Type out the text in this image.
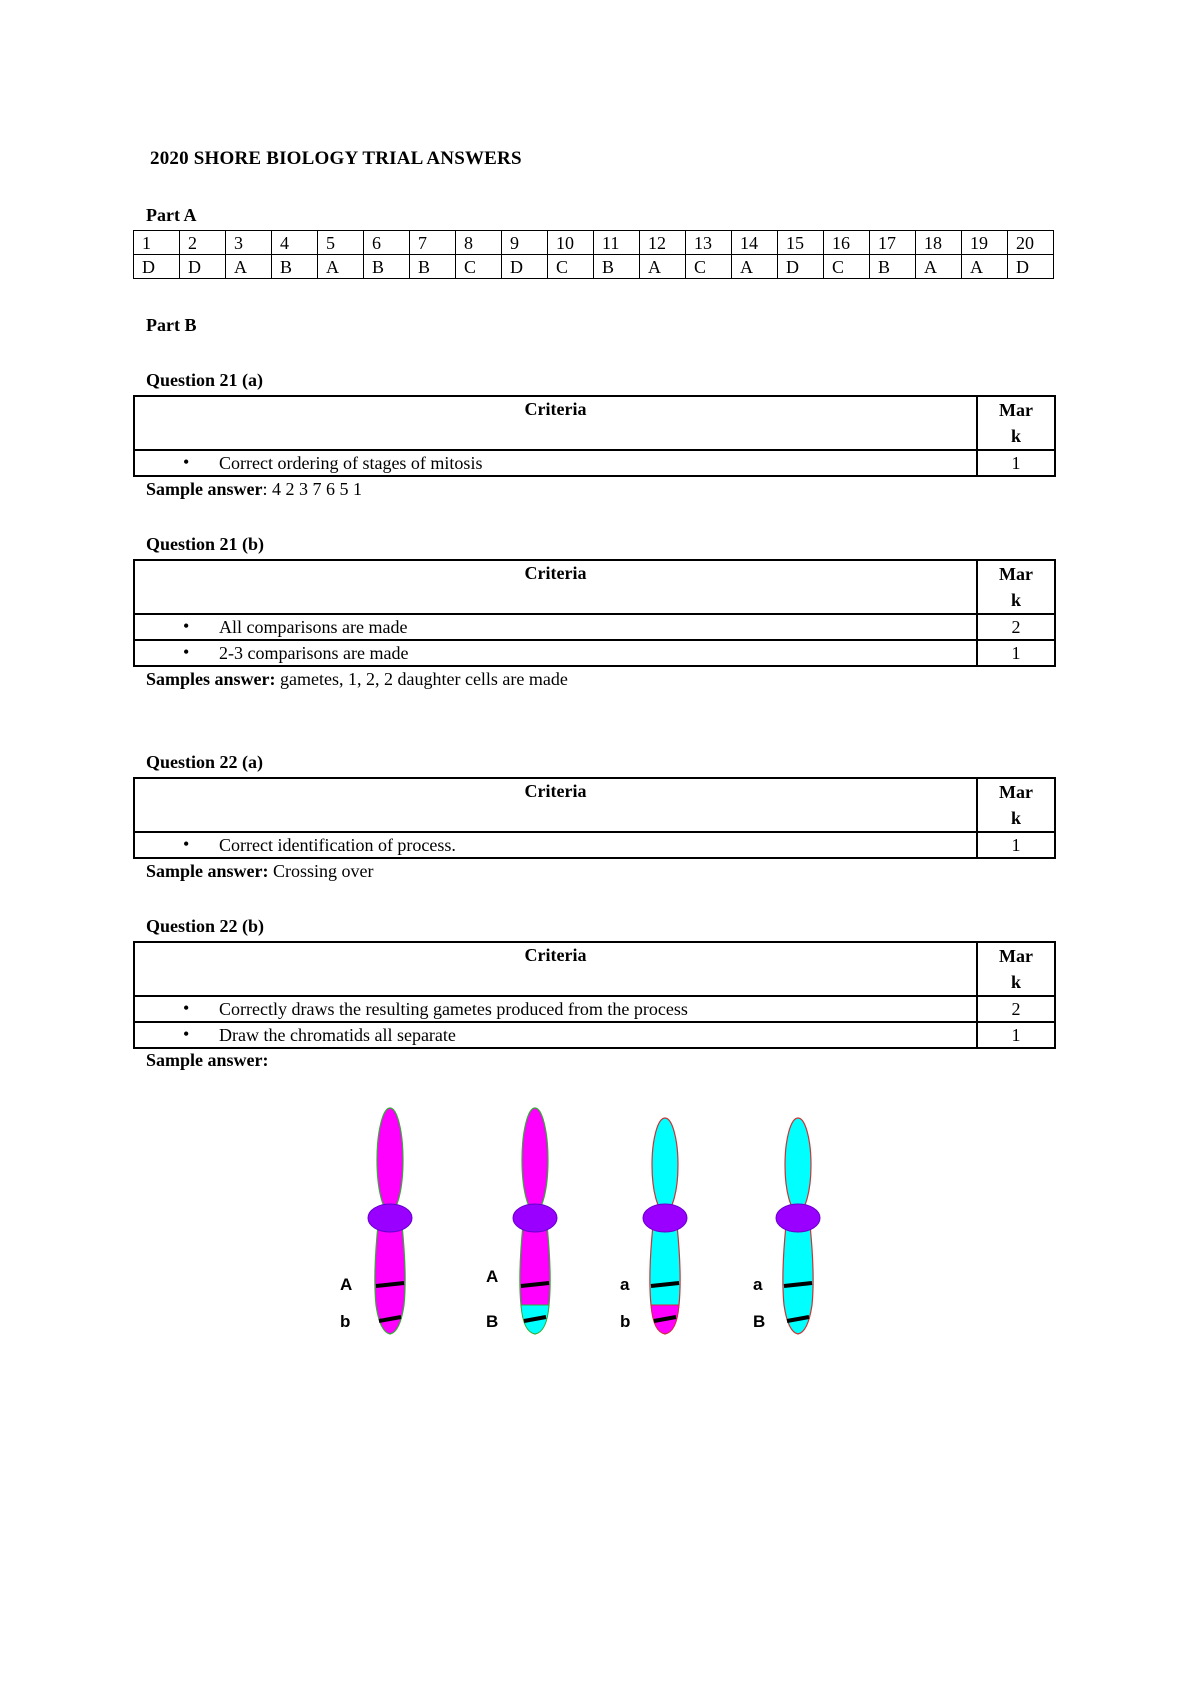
2020 SHORE BIOLOGY TRIAL ANSWERS
Part A
1	2	3	4	5	6	7	8	9	10	11	12	13	14	15	16	17	18	19	20
D	D	A	B	A	B	B	C	D	C	B	A	C	A	D	C	B	A	A	D
Part B
Question 21 (a)
Criteria	Mar
k

• Correct ordering of stages of mitosis	1
Sample answer: 4 2 3 7 6 5 1
Question 21 (b)
Criteria	Mar
k

• All comparisons are made	2

• 2-3 comparisons are made	1
Samples answer: gametes, 1, 2, 2 daughter cells are made
Question 22 (a)
Criteria	Mar
k

• Correct identification of process.	1
Sample answer: Crossing over
Question 22 (b)
Criteria	Mar
k

• Correctly draws the resulting gametes produced from the process	2

• Draw the chromatids all separate	1
Sample answer:
A
b
A
B
a
b
a
B
